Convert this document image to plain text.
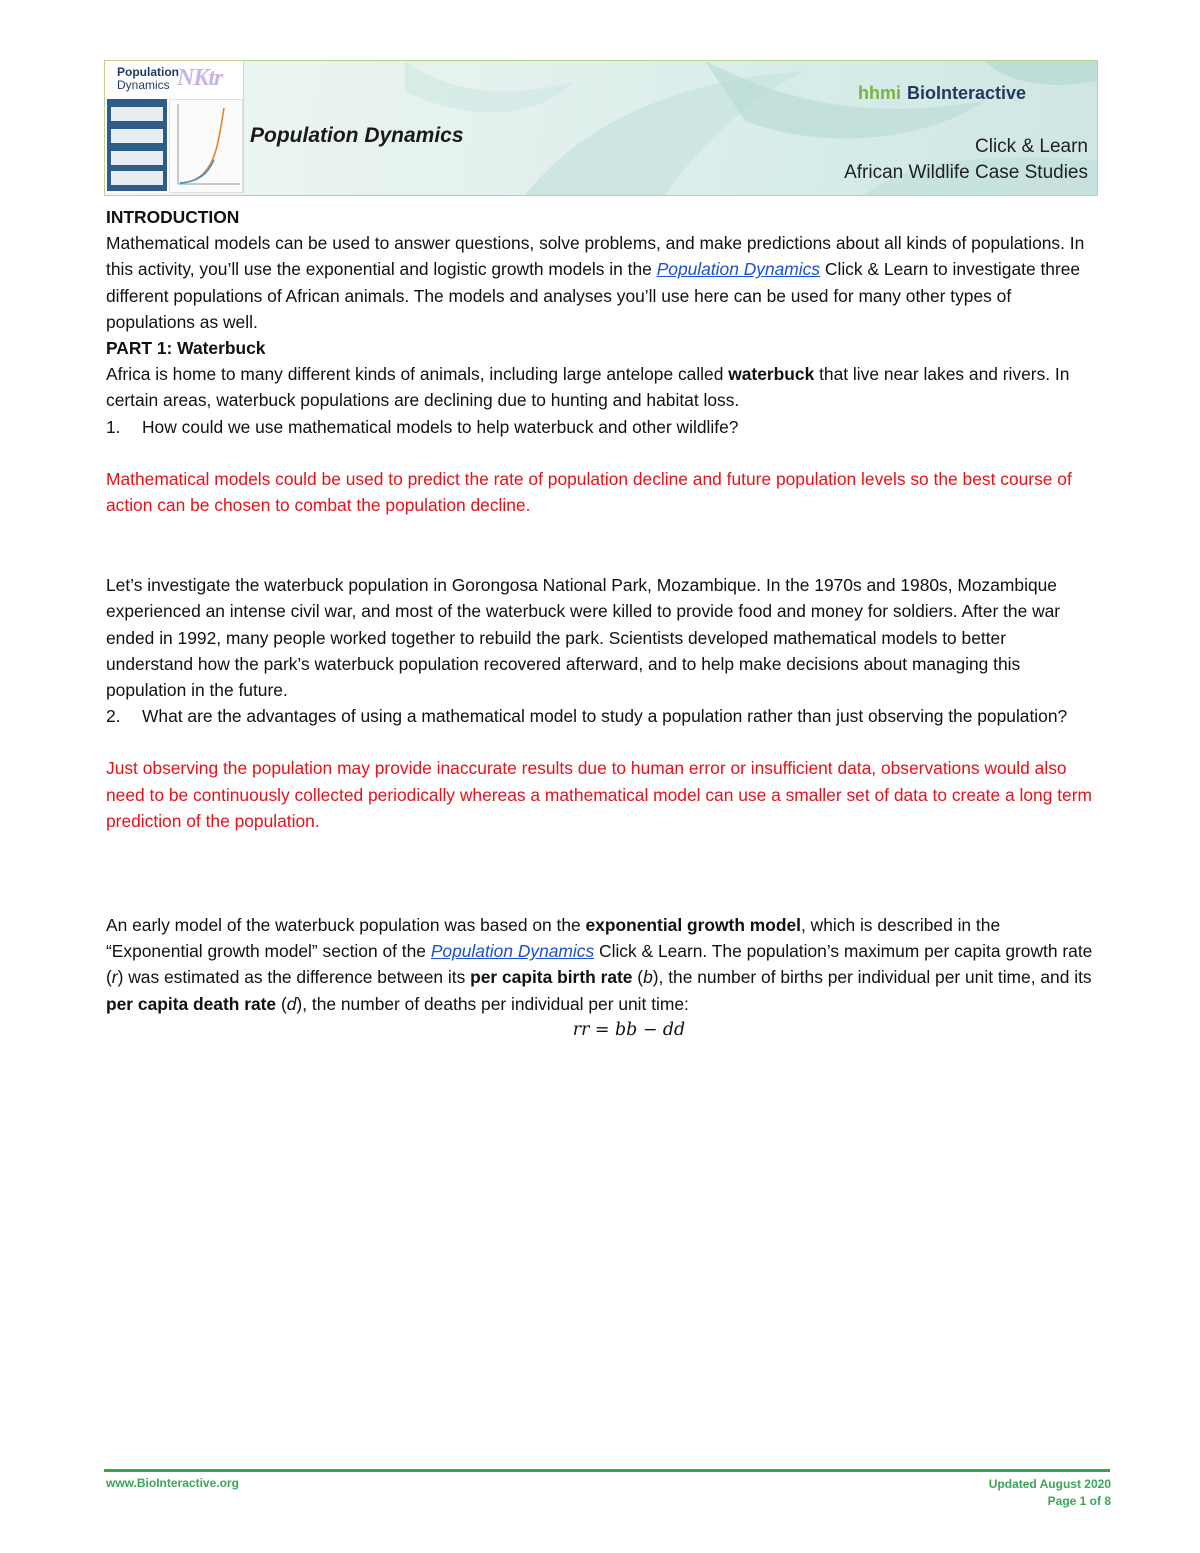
Population
Dynamics NKtr
Population Dynamics
hhmi BioInteractive
Click & Learn
African Wildlife Case Studies

INTRODUCTION

Mathematical models can be used to answer questions, solve problems, and make predictions about all kinds of populations. In this activity, you’ll use the exponential and logistic growth models in the Population Dynamics Click & Learn to investigate three different populations of African animals. The models and analyses you’ll use here can be used for many other types of populations as well.

PART 1: Waterbuck

Africa is home to many different kinds of animals, including large antelope called waterbuck that live near lakes and rivers. In certain areas, waterbuck populations are declining due to hunting and habitat loss.

1.	How could we use mathematical models to help waterbuck and other wildlife?

Mathematical models could be used to predict the rate of population decline and future population levels so the best course of action can be chosen to combat the population decline.

Let’s investigate the waterbuck population in Gorongosa National Park, Mozambique. In the 1970s and 1980s, Mozambique experienced an intense civil war, and most of the waterbuck were killed to provide food and money for soldiers. After the war ended in 1992, many people worked together to rebuild the park. Scientists developed mathematical models to better understand how the park’s waterbuck population recovered afterward, and to help make decisions about managing this population in the future.

2.	What are the advantages of using a mathematical model to study a population rather than just observing the population?

Just observing the population may provide inaccurate results due to human error or insufficient data, observations would also need to be continuously collected periodically whereas a mathematical model can use a smaller set of data to create a long term prediction of the population.

An early model of the waterbuck population was based on the exponential growth model, which is described in the “Exponential growth model” section of the Population Dynamics Click & Learn. The population’s maximum per capita growth rate (r) was estimated as the difference between its per capita birth rate (b), the number of births per individual per unit time, and its per capita death rate (d), the number of deaths per individual per unit time:

𝑟𝑟 = 𝑏𝑏 − 𝑑𝑑

www.BioInteractive.org	Updated August 2020
Page 1 of 8
